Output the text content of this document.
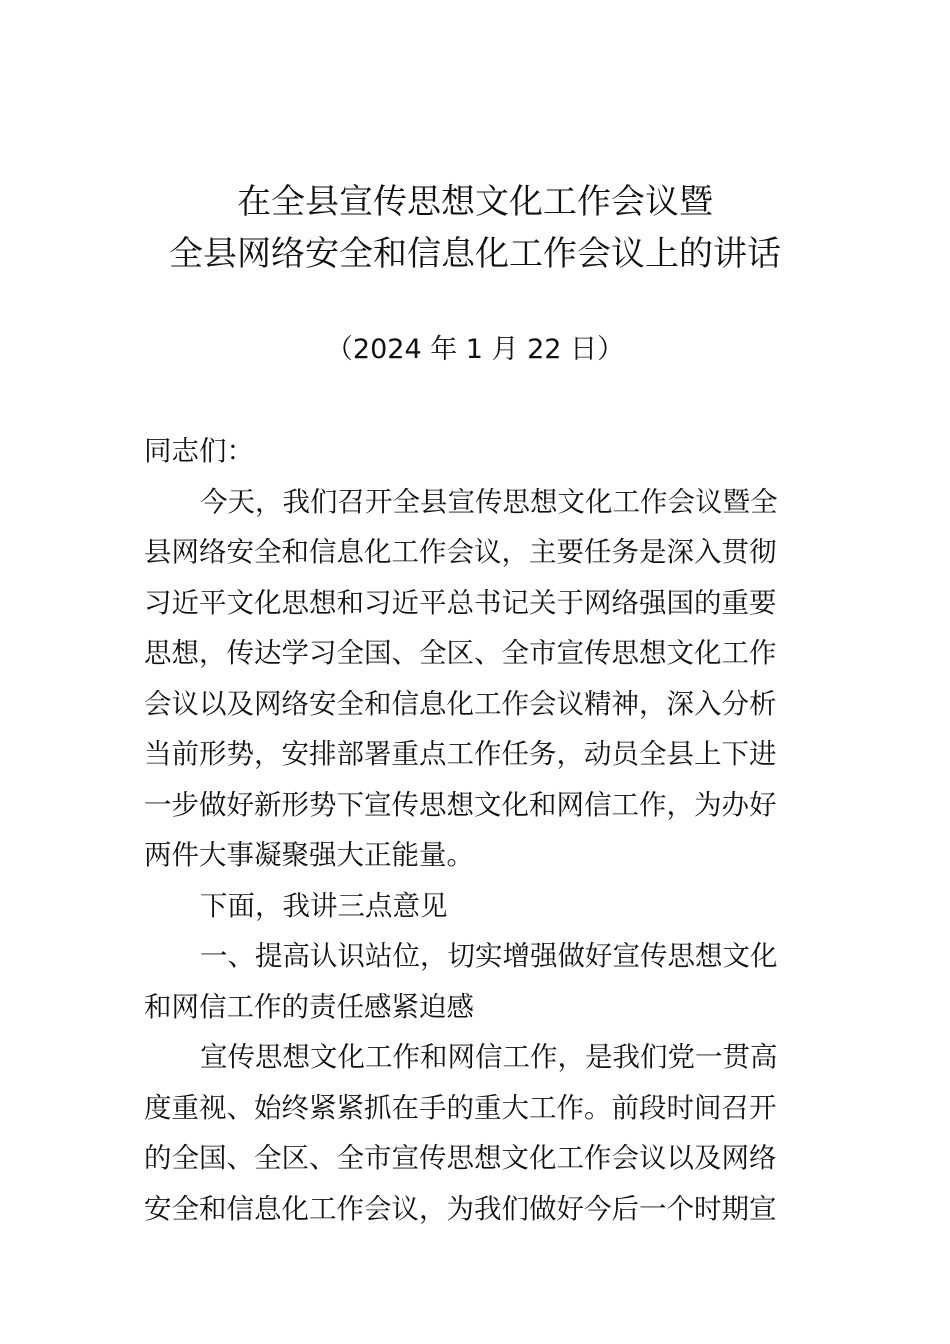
在全县宣传思想文化工作会议暨
全县网络安全和信息化工作会议上的讲话
（2024 年 1 月 22 日）
同志们：
今天，我们召开全县宣传思想文化工作会议暨全
县网络安全和信息化工作会议，主要任务是深入贯彻
习近平文化思想和习近平总书记关于网络强国的重要
思想，传达学习全国、全区、全市宣传思想文化工作
会议以及网络安全和信息化工作会议精神，深入分析
当前形势，安排部署重点工作任务，动员全县上下进
一步做好新形势下宣传思想文化和网信工作，为办好
两件大事凝聚强大正能量。
下面，我讲三点意见
一、提高认识站位，切实增强做好宣传思想文化
和网信工作的责任感紧迫感
宣传思想文化工作和网信工作，是我们党一贯高
度重视、始终紧紧抓在手的重大工作。前段时间召开
的全国、全区、全市宣传思想文化工作会议以及网络
安全和信息化工作会议，为我们做好今后一个时期宣
